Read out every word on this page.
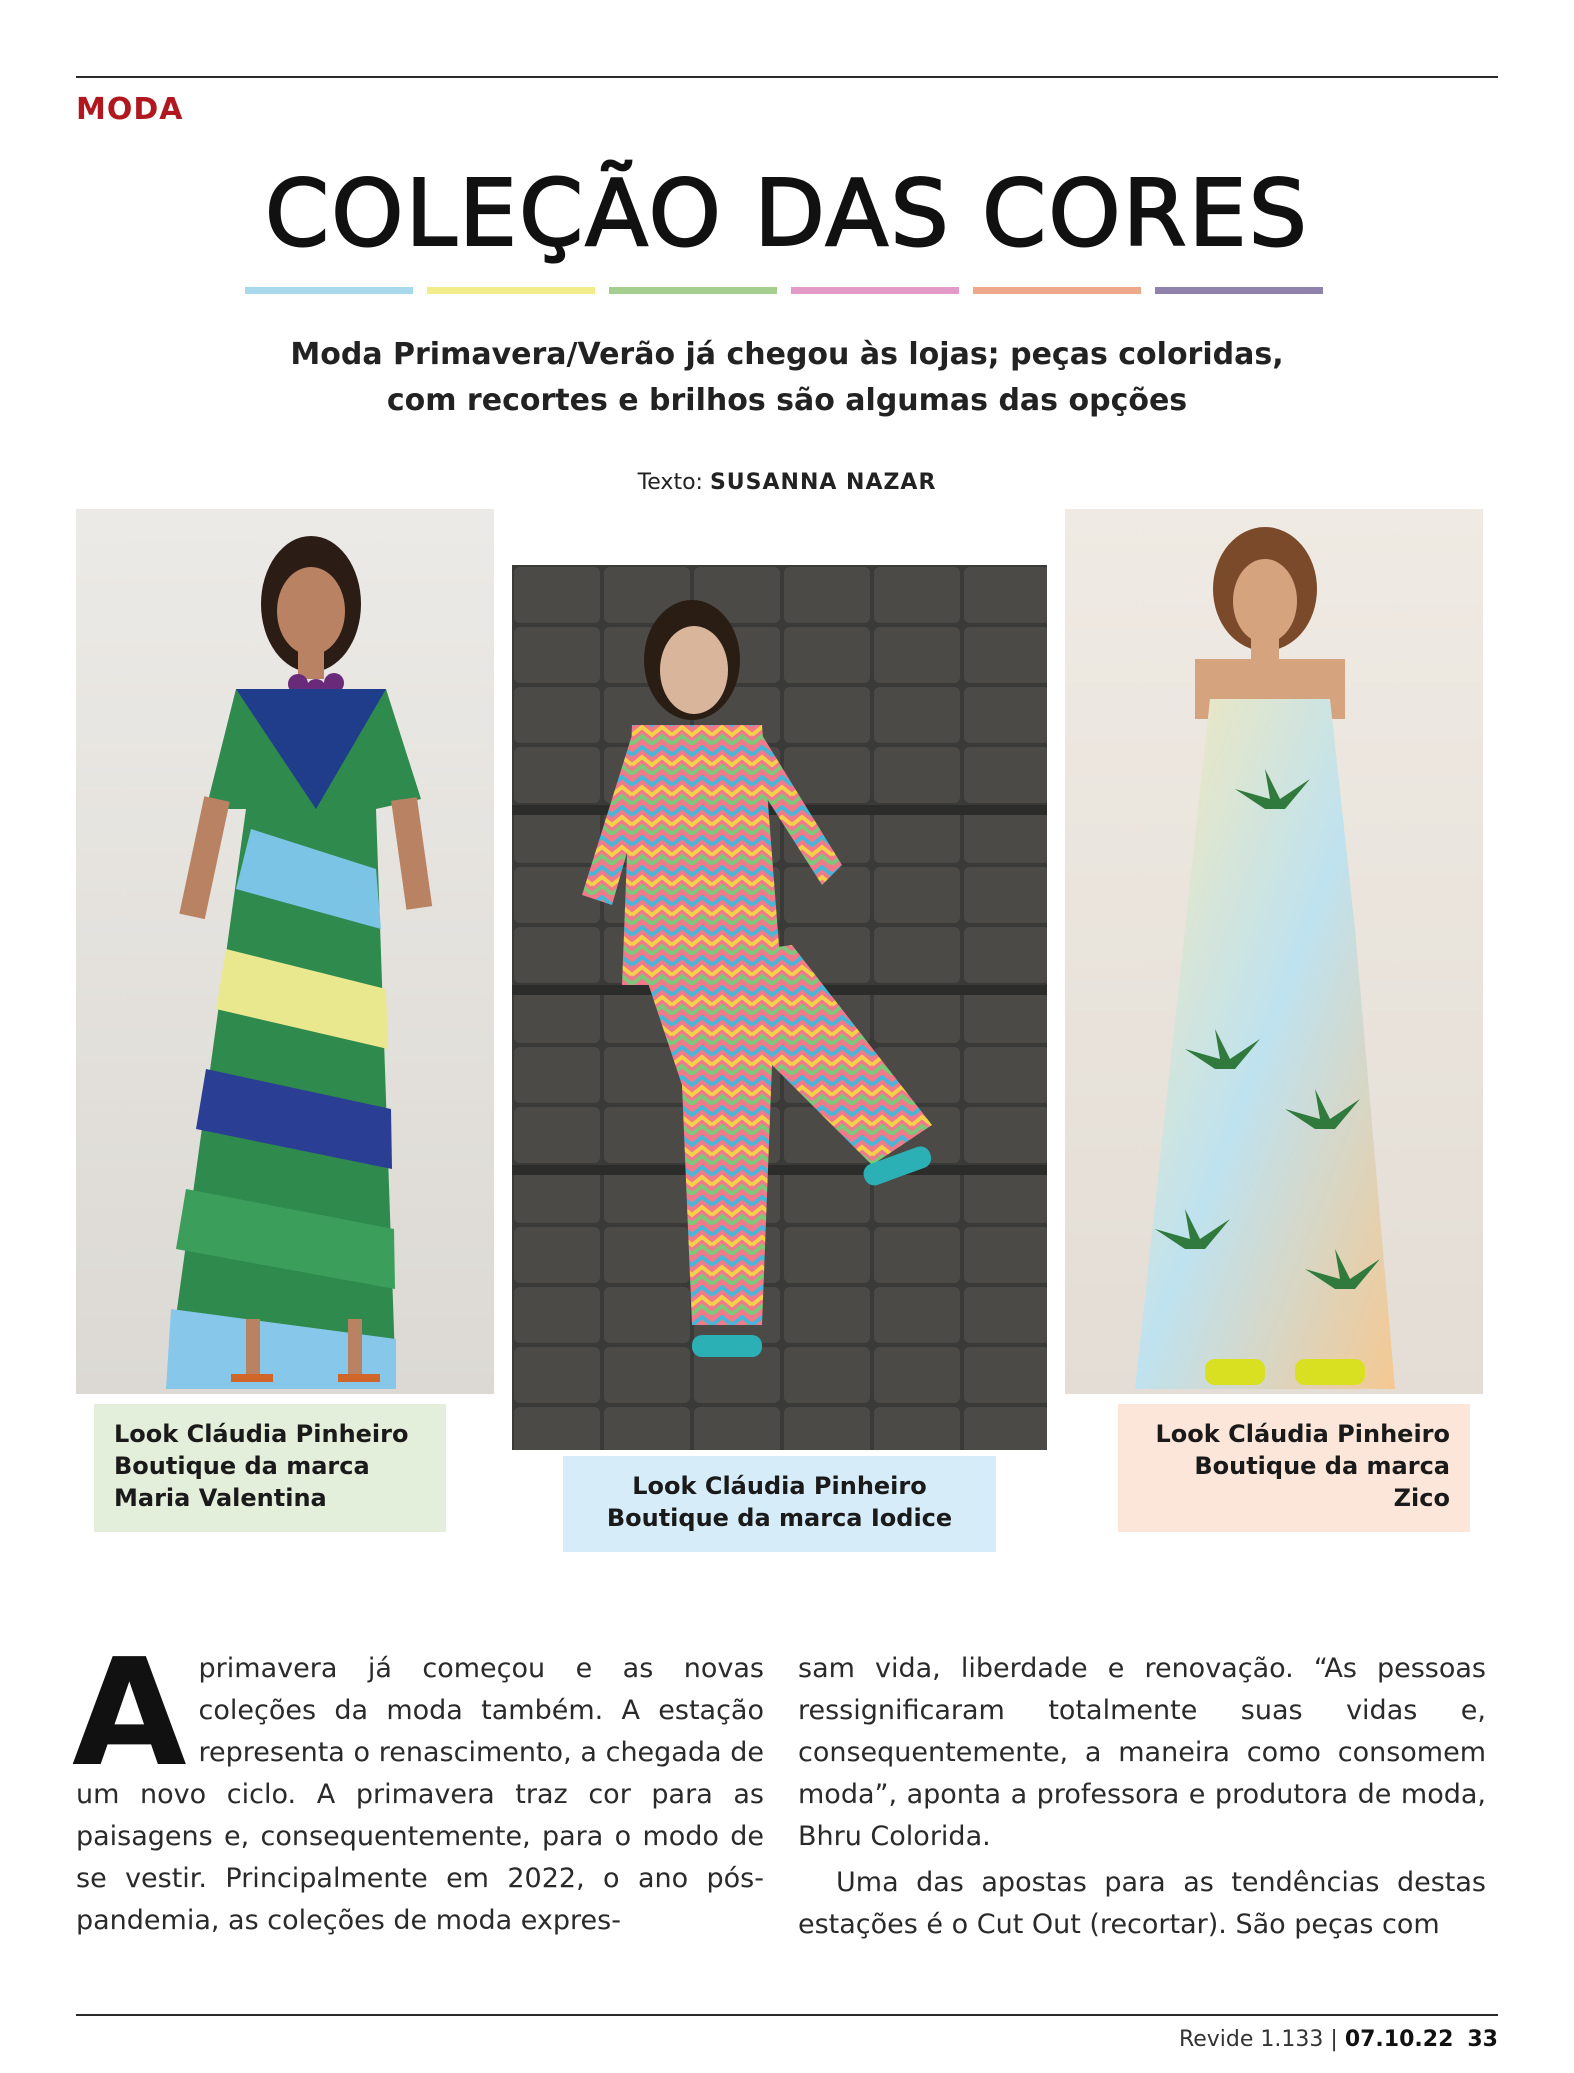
MODA
COLEÇÃO DAS CORES
Moda Primavera/Verão já chegou às lojas; peças coloridas,
com recortes e brilhos são algumas das opções
Texto: SUSANNA NAZAR
Look Cláudia Pinheiro
Boutique da marca
Maria Valentina	Look Cláudia Pinheiro
Boutique da marca Iodice
Look Cláudia Pinheiro
Boutique da marca
Zico
A primavera já começou e as novas coleções da moda também. A estação representa o renascimento, a chegada de um novo ciclo. A primavera traz cor para as paisagens e, consequentemente, para o modo de se vestir. Principalmente em 2022, o ano pós-pandemia, as coleções de moda expres-
sam vida, liberdade e renovação. “As pessoas ressignificaram totalmente suas vidas e, consequentemente, a maneira como consomem moda”, aponta a professora e produtora de moda, Bhru Colorida.
Uma das apostas para as tendências destas estações é o Cut Out (recortar). São peças com
Revide 1.133 | 07.10.22 33
